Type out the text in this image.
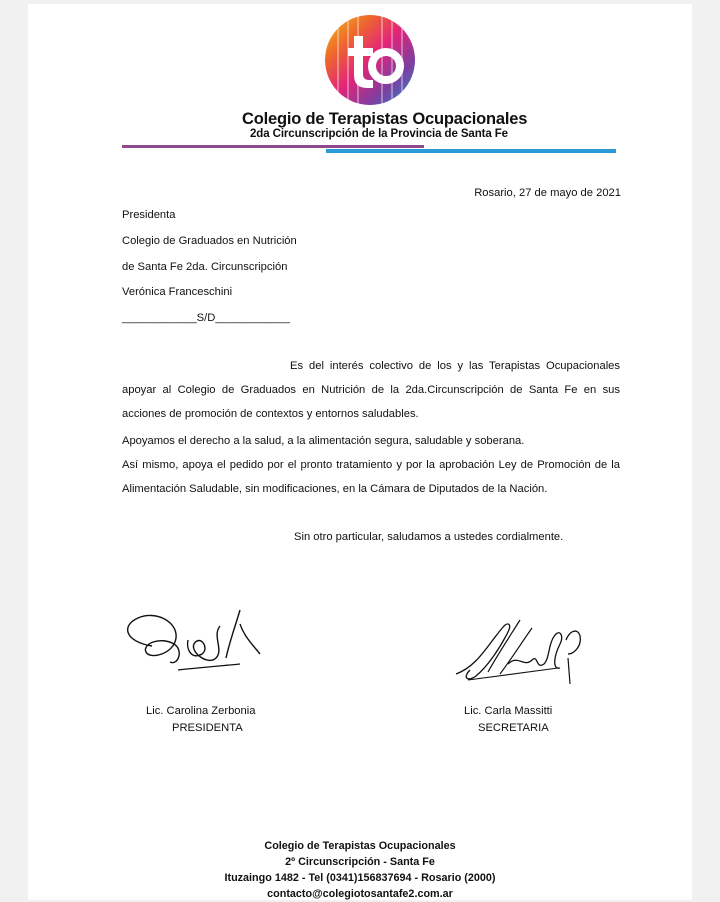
Colegio de Terapistas Ocupacionales
2da Circunscripción de la Provincia de Santa Fe
Rosario, 27 de mayo de 2021
Presidenta
Colegio de Graduados en Nutrición
de Santa Fe 2da. Circunscripción
Verónica Franceschini
____________S/D____________
Es del interés colectivo de los y las Terapistas Ocupacionales apoyar al Colegio de Graduados en Nutrición de la 2da.Circunscripción de Santa Fe en sus acciones de promoción de contextos y entornos saludables.
Apoyamos el derecho a la salud, a la alimentación segura, saludable y soberana.
Así mismo, apoya el pedido por el pronto tratamiento y por la aprobación Ley de Promoción de la Alimentación Saludable, sin modificaciones, en la Cámara de Diputados de la Nación.
Sin otro particular, saludamos a ustedes cordialmente.
Lic. Carolina Zerbonia
PRESIDENTA
Lic. Carla Massitti
SECRETARIA
Colegio de Terapistas Ocupacionales
2º Circunscripción - Santa Fe
Ituzaingo 1482 - Tel (0341)156837694 - Rosario (2000)
contacto@colegiotosantafe2.com.ar
